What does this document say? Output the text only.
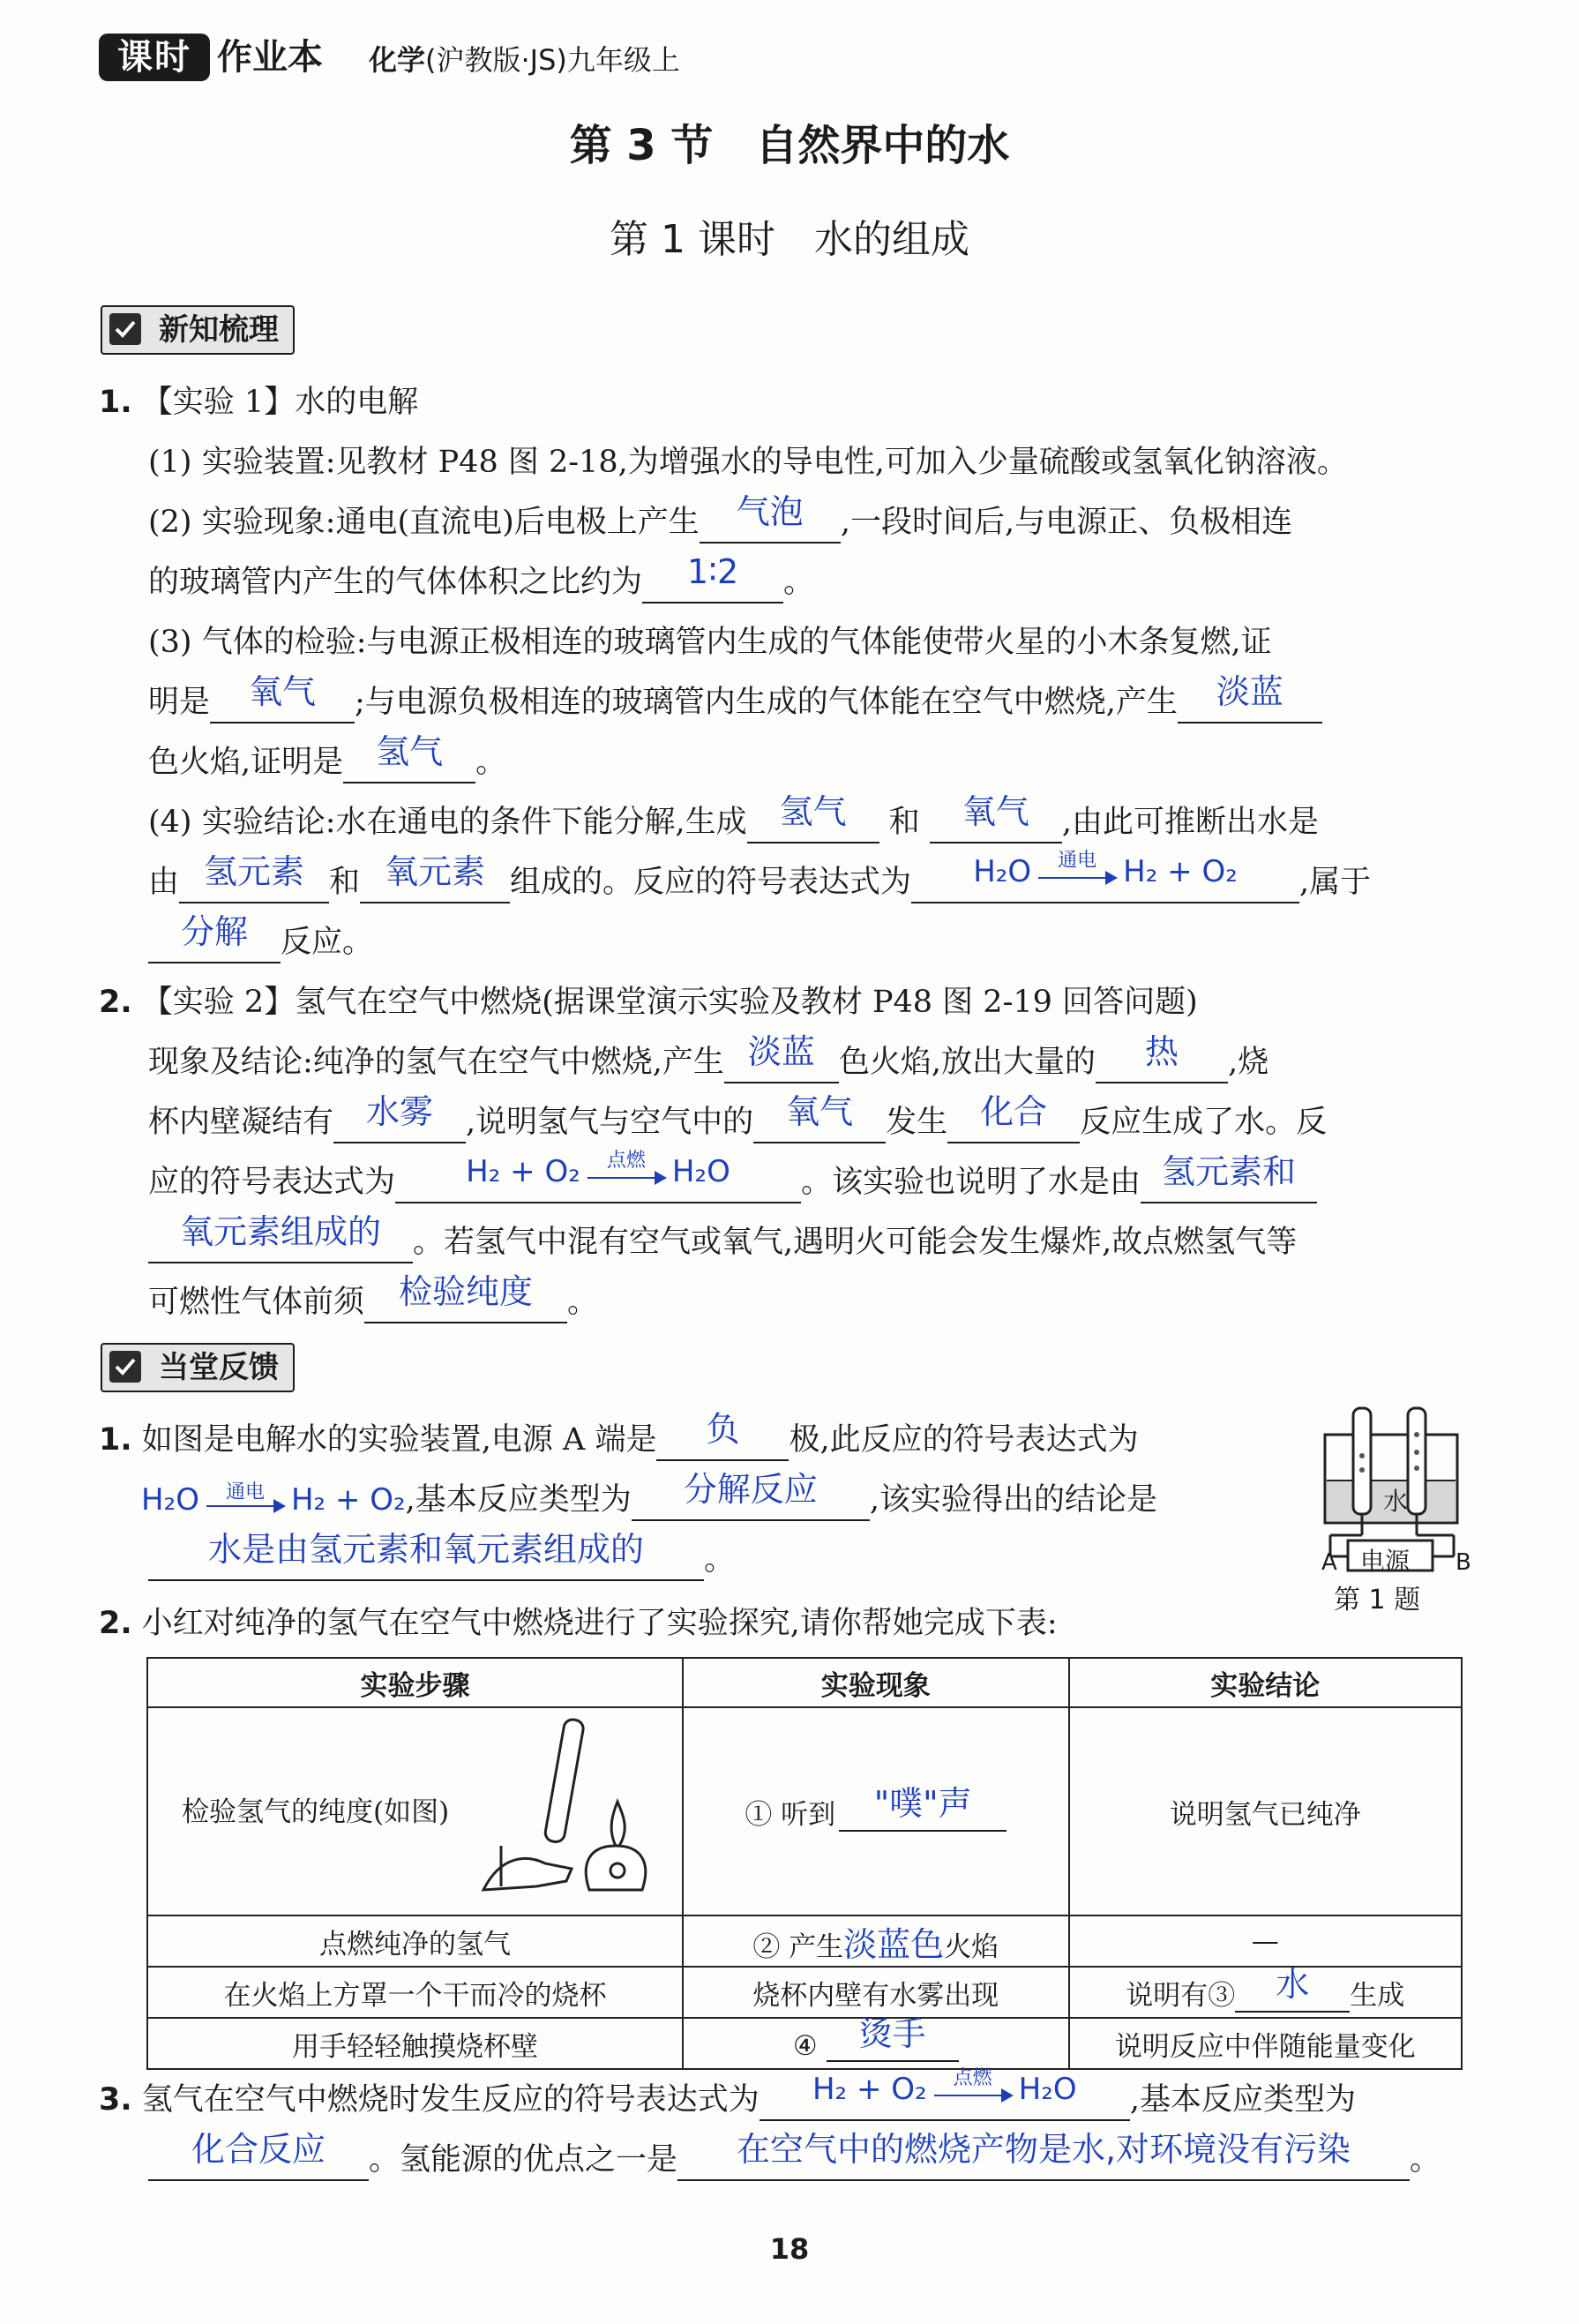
课时 作业本 化学(沪教版·JS)九年级上
第 3 节　自然界中的水
第 1 课时　水的组成
新知梳理
1. 【实验 1】水的电解
(1) 实验装置:见教材 P48 图 2-18,为增强水的导电性,可加入少量硫酸或氢氧化钠溶液。
(2) 实验现象:通电(直流电)后电极上产生 气泡 ,一段时间后,与电源正、负极相连
的玻璃管内产生的气体体积之比约为 1∶2 。
(3) 气体的检验:与电源正极相连的玻璃管内生成的气体能使带火星的小木条复燃,证
明是 氧气 ;与电源负极相连的玻璃管内生成的气体能在空气中燃烧,产生 淡蓝
色火焰,证明是 氢气 。
(4) 实验结论:水在通电的条件下能分解,生成 氢气 和 氧气 ,由此可推断出水是
由 氢元素 和 氧元素 组成的。反应的符号表达式为 H₂O	通电 H₂ + O₂ ,属于
分解 反应。
2. 【实验 2】氢气在空气中燃烧(据课堂演示实验及教材 P48 图 2-19 回答问题)
现象及结论:纯净的氢气在空气中燃烧,产生 淡蓝 色火焰,放出大量的 热 ,烧
杯内壁凝结有 水雾 ,说明氢气与空气中的 氧气 发生 化合 反应生成了水。反
应的符号表达式为 H₂ + O₂	点燃 H₂O 。该实验也说明了水是由 氢元素和
氧元素组成的 。若氢气中混有空气或氧气,遇明火可能会发生爆炸,故点燃氢气等
可燃性气体前须 检验纯度 。
当堂反馈
1. 如图是电解水的实验装置,电源 A 端是 负 极,此反应的符号表达式为
H₂O	通电 H₂ + O₂,基本反应类型为 分解反应 ,该实验得出的结论是
水是由氢元素和氧元素组成的 。
水
电源
A	B
第 1 题
2. 小红对纯净的氢气在空气中燃烧进行了实验探究,请你帮她完成下表:
实验步骤	实验现象	实验结论

检验氢气的纯度(如图)	① 听到 "噗"声	说明氢气已纯净
点燃纯净的氢气	② 产生淡蓝色火焰	—
在火焰上方罩一个干而冷的烧杯	烧杯内壁有水雾出现	说明有③ 水 生成
用手轻轻触摸烧杯壁	④ 烫手	说明反应中伴随能量变化
3. 氢气在空气中燃烧时发生反应的符号表达式为 H₂ + O₂	点燃 H₂O ,基本反应类型为
化合反应 。氢能源的优点之一是 在空气中的燃烧产物是水,对环境没有污染 。
18
